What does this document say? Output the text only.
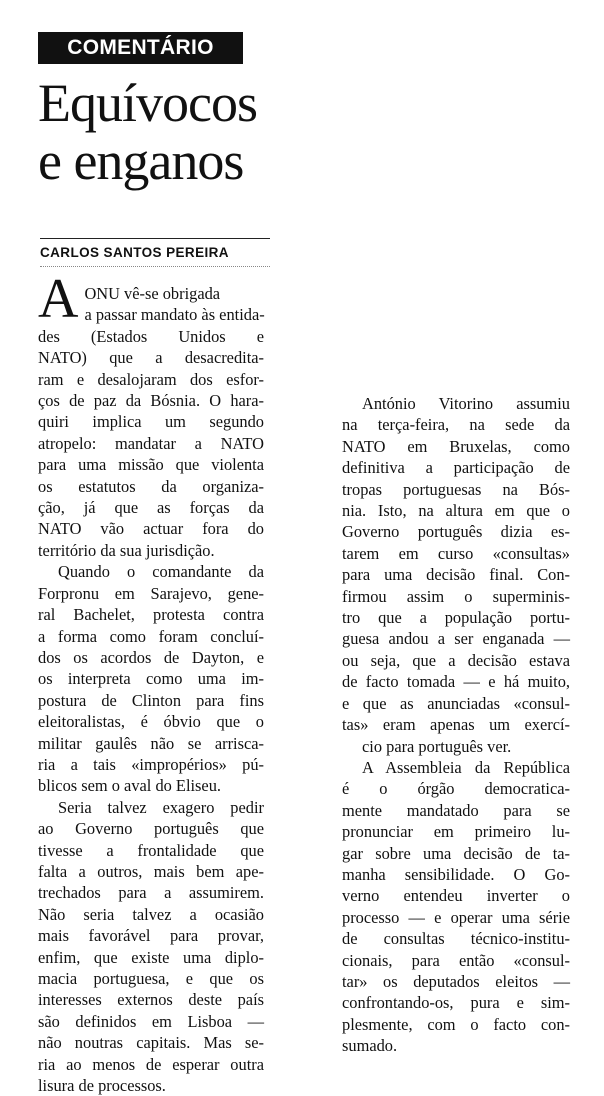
COMENTÁRIO
Equívocos
e enganos
CARLOS SANTOS PEREIRA

A ONU vê-se obrigada
a passar mandato às entida-
des (Estados Unidos e
NATO) que a desacredita-
ram e desalojaram dos esfor-
ços de paz da Bósnia. O hara-
quiri implica um segundo
atropelo: mandatar a NATO
para uma missão que violenta
os estatutos da organiza-
ção, já que as forças da
NATO vão actuar fora do
território da sua jurisdição.

Quando o comandante da
Forpronu em Sarajevo, gene-
ral Bachelet, protesta contra
a forma como foram concluí-
dos os acordos de Dayton, e
os interpreta como uma im-
postura de Clinton para fins
eleitoralistas, é óbvio que o
militar gaulês não se arrisca-
ria a tais «impropérios» pú-
blicos sem o aval do Eliseu.

Seria talvez exagero pedir
ao Governo português que
tivesse a frontalidade que
falta a outros, mais bem ape-
trechados para a assumirem.
Não seria talvez a ocasião
mais favorável para provar,
enfim, que existe uma diplo-
macia portuguesa, e que os
interesses externos deste país
são definidos em Lisboa —
não noutras capitais. Mas se-
ria ao menos de esperar outra
lisura de processos.

António Vitorino assumiu
na terça-feira, na sede da
NATO em Bruxelas, como
definitiva a participação de
tropas portuguesas na Bós-
nia. Isto, na altura em que o
Governo português dizia es-
tarem em curso «consultas»
para uma decisão final. Con-
firmou assim o superminis-
tro que a população portu-
guesa andou a ser enganada —
ou seja, que a decisão estava
de facto tomada — e há muito,
e que as anunciadas «consul-
tas» eram apenas um exercí-
cio para português ver.

A Assembleia da República
é o órgão democratica-
mente mandatado para se
pronunciar em primeiro lu-
gar sobre uma decisão de ta-
manha sensibilidade. O Go-
verno entendeu inverter o
processo — e operar uma série
de consultas técnico-institu-
cionais, para então «consul-
tar» os deputados eleitos —
confrontando-os, pura e sim-
plesmente, com o facto con-
sumado.
